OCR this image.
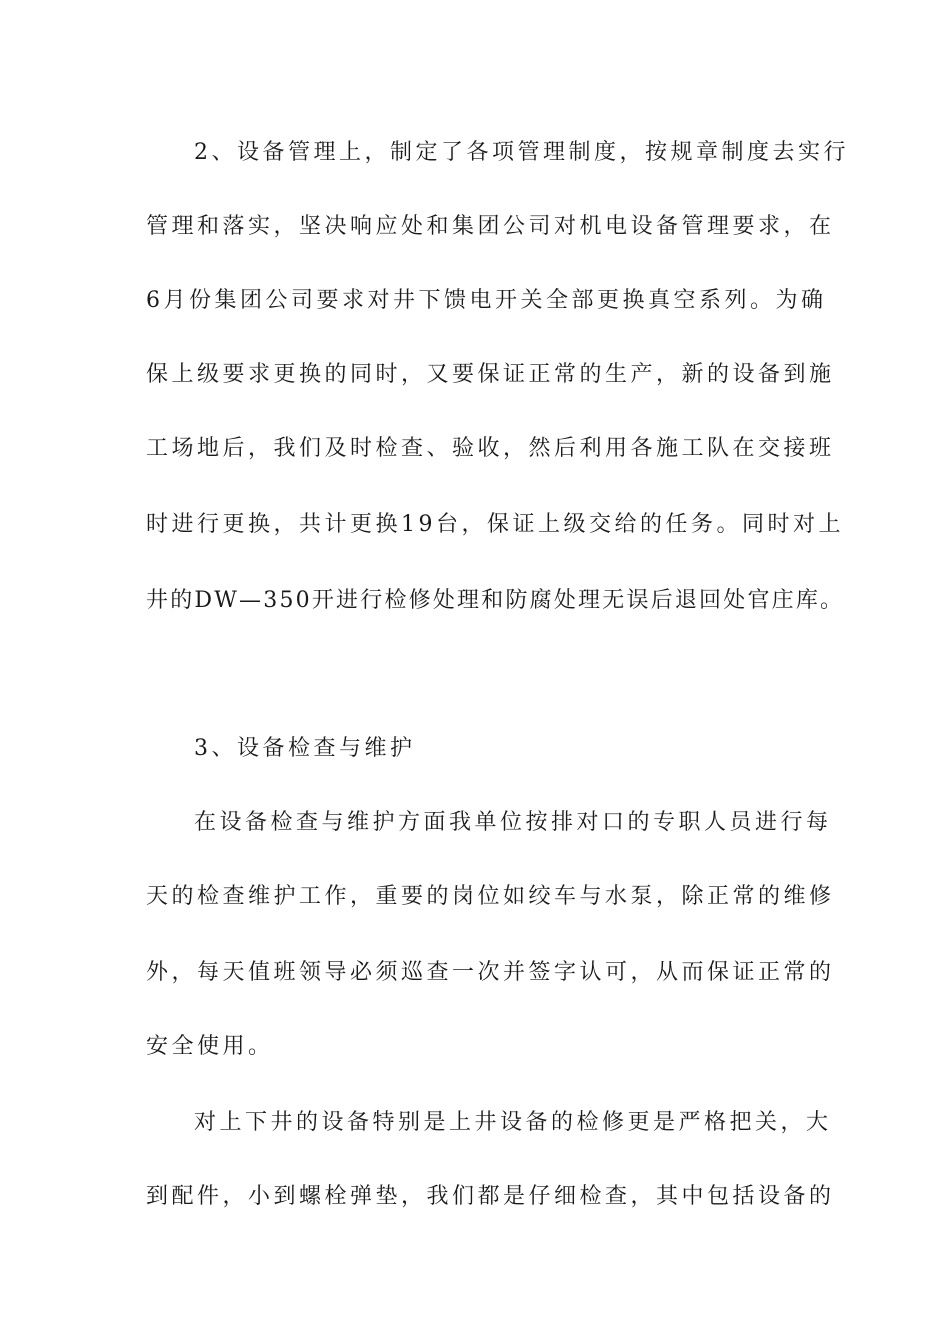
2、设备管理上，制定了各项管理制度，按规章制度去实行
管理和落实，坚决响应处和集团公司对机电设备管理要求，在
6月份集团公司要求对井下馈电开关全部更换真空系列。为确
保上级要求更换的同时，又要保证正常的生产，新的设备到施
工场地后，我们及时检查、验收，然后利用各施工队在交接班
时进行更换，共计更换19台，保证上级交给的任务。同时对上
井的DW—350开进行检修处理和防腐处理无误后退回处官庄库。
3、设备检查与维护
在设备检查与维护方面我单位按排对口的专职人员进行每
天的检查维护工作，重要的岗位如绞车与水泵，除正常的维修
外，每天值班领导必须巡查一次并签字认可，从而保证正常的
安全使用。
对上下井的设备特别是上井设备的检修更是严格把关，大
到配件，小到螺栓弹垫，我们都是仔细检查，其中包括设备的
